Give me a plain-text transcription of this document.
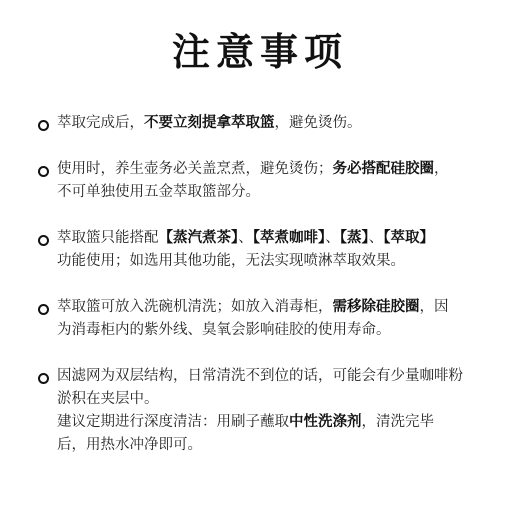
注意事项
萃取完成后，不要立刻提拿萃取篮，避免烫伤。
使用时，养生壶务必关盖烹煮，避免烫伤；务必搭配硅胶圈，
不可单独使用五金萃取篮部分。
萃取篮只能搭配【蒸汽煮茶】、【萃煮咖啡】、【蒸】、【萃取】
功能使用；如选用其他功能，无法实现喷淋萃取效果。
萃取篮可放入洗碗机清洗；如放入消毒柜，需移除硅胶圈，因
为消毒柜内的紫外线、臭氧会影响硅胶的使用寿命。
因滤网为双层结构，日常清洗不到位的话，可能会有少量咖啡粉
淤积在夹层中。
建议定期进行深度清洁：用刷子蘸取中性洗涤剂，清洗完毕
后，用热水冲净即可。
